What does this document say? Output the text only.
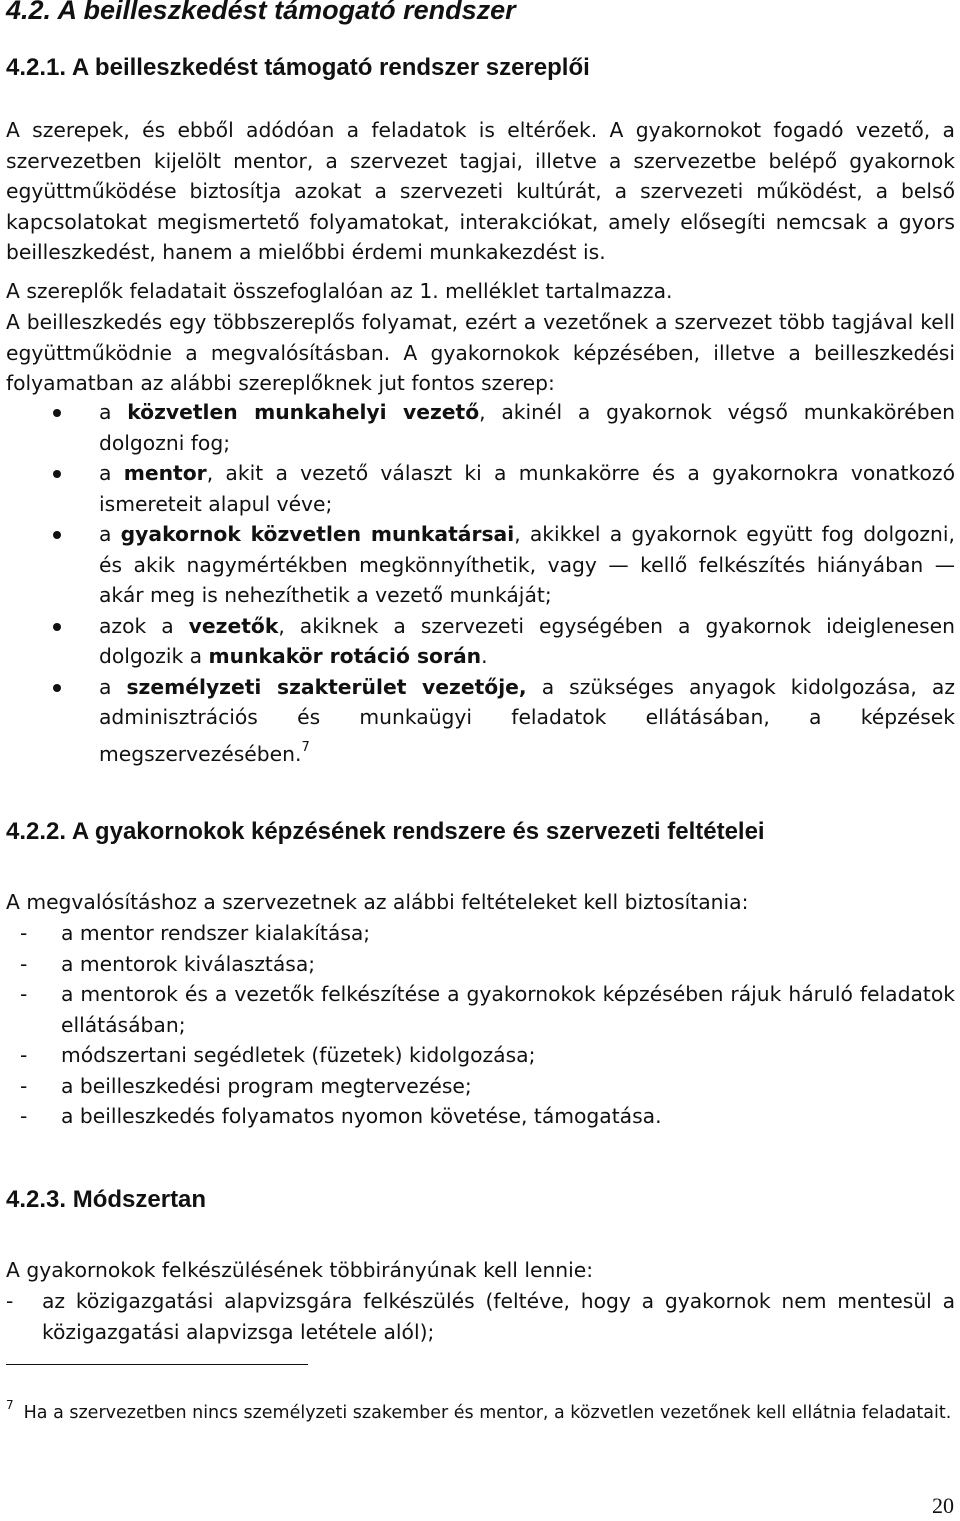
4.2. A beilleszkedést támogató rendszer
4.2.1. A beilleszkedést támogató rendszer szereplői
A szerepek, és ebből adódóan a feladatok is eltérőek. A gyakornokot fogadó vezető, a szervezetben kijelölt mentor, a szervezet tagjai, illetve a szervezetbe belépő gyakornok együttműködése biztosítja azokat a szervezeti kultúrát, a szervezeti működést, a belső kapcsolatokat megismertető folyamatokat, interakciókat, amely elősegíti nemcsak a gyors beilleszkedést, hanem a mielőbbi érdemi munkakezdést is.
A szereplők feladatait összefoglalóan az 1. melléklet tartalmazza.
A beilleszkedés egy többszereplős folyamat, ezért a vezetőnek a szervezet több tagjával kell együttműködnie a megvalósításban. A gyakornokok képzésében, illetve a beilleszkedési folyamatban az alábbi szereplőknek jut fontos szerep:
a közvetlen munkahelyi vezető, akinél a gyakornok végső munkakörében dolgozni fog;
a mentor, akit a vezető választ ki a munkakörre és a gyakornokra vonatkozó ismereteit alapul véve;
a gyakornok közvetlen munkatársai, akikkel a gyakornok együtt fog dolgozni, és akik nagymértékben megkönnyíthetik, vagy — kellő felkészítés hiányában — akár meg is nehezíthetik a vezető munkáját;
azok a vezetők, akiknek a szervezeti egységében a gyakornok ideiglenesen dolgozik a munkakör rotáció során.
a személyzeti szakterület vezetője, a szükséges anyagok kidolgozása, az adminisztrációs és munkaügyi feladatok ellátásában, a képzések megszervezésében.$^7$
4.2.2. A gyakornokok képzésének rendszere és szervezeti feltételei
A megvalósításhoz a szervezetnek az alábbi feltételeket kell biztosítania:
- a mentor rendszer kialakítása;
- a mentorok kiválasztása;
- a mentorok és a vezetők felkészítése a gyakornokok képzésében rájuk háruló feladatok ellátásában;
- módszertani segédletek (füzetek) kidolgozása;
- a beilleszkedési program megtervezése;
- a beilleszkedés folyamatos nyomon követése, támogatása.
4.2.3. Módszertan
A gyakornokok felkészülésének többirányúnak kell lennie:
- az közigazgatási alapvizsgára felkészülés (feltéve, hogy a gyakornok nem mentesül a közigazgatási alapvizsga letétele alól);
$^7$ Ha a szervezetben nincs személyzeti szakember és mentor, a közvetlen vezetőnek kell ellátnia feladatait.
20
